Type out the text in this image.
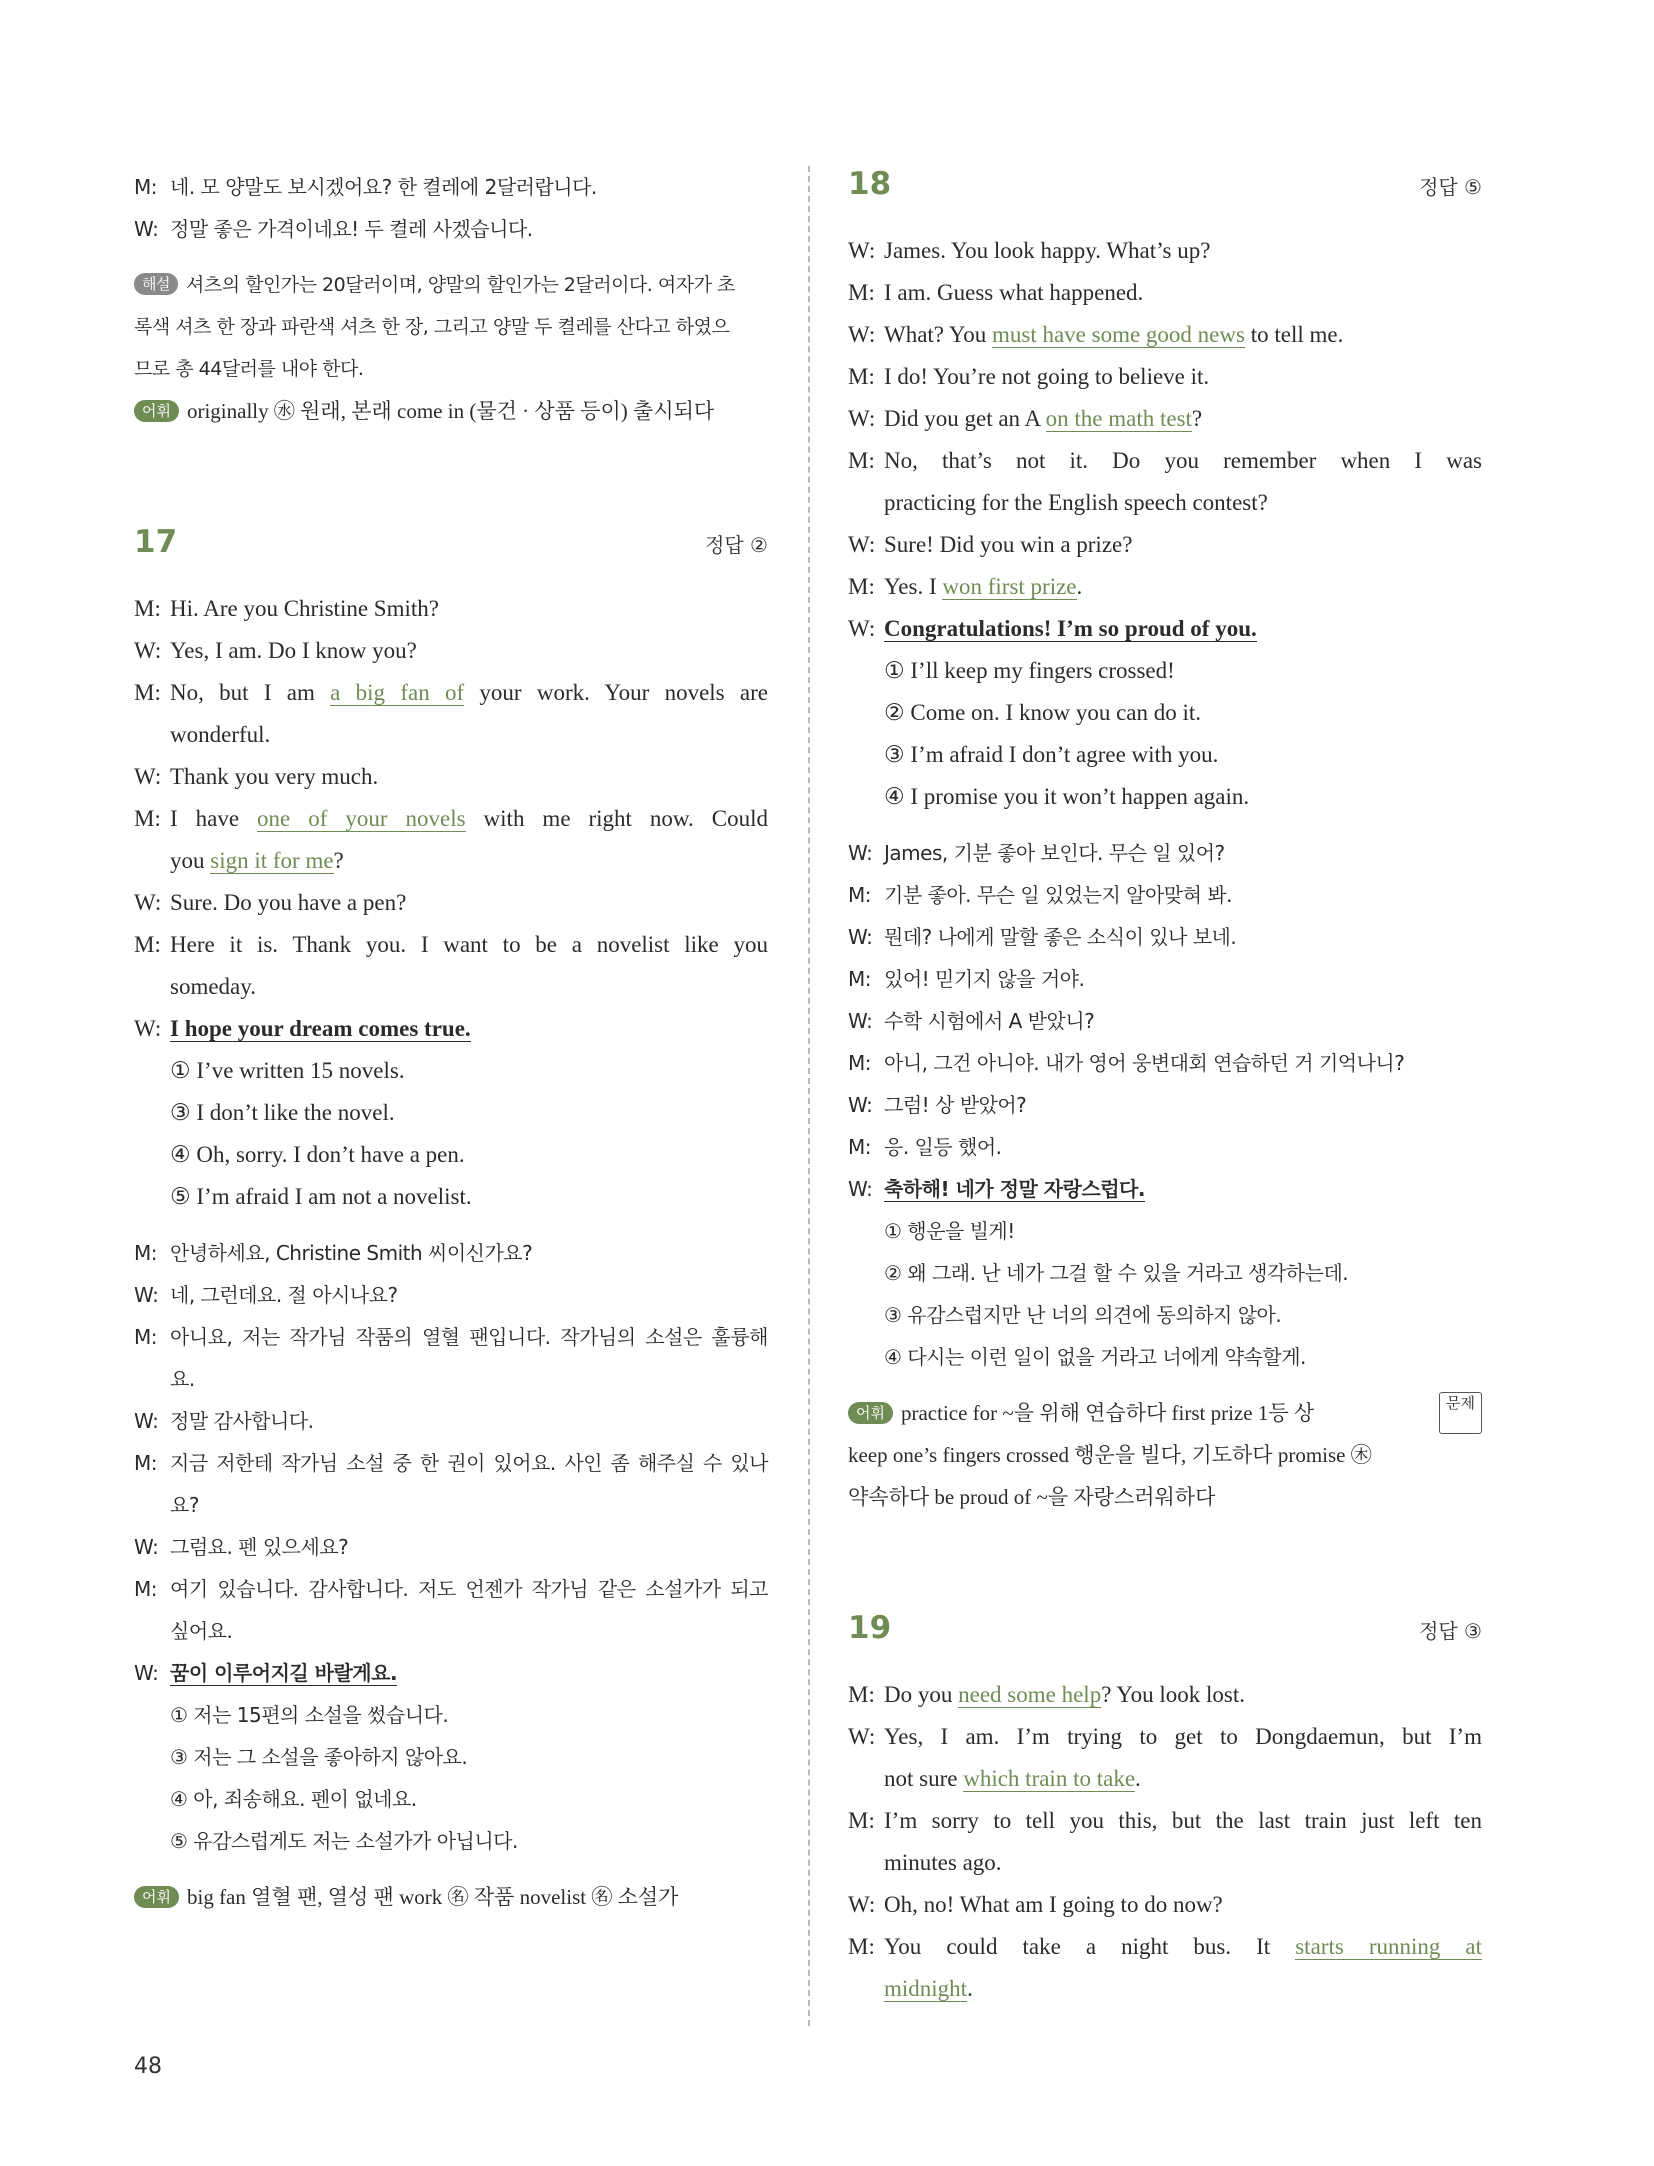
M: 네. 모 양말도 보시겠어요? 한 켤레에 2달러랍니다.
W: 정말 좋은 가격이네요! 두 켤레 사겠습니다.
해설 셔츠의 할인가는 20달러이며, 양말의 할인가는 2달러이다. 여자가 초
록색 셔츠 한 장과 파란색 셔츠 한 장, 그리고 양말 두 켤레를 산다고 하였으
므로 총 44달러를 내야 한다.
어휘 originally ㊌ 원래, 본래 come in (물건 · 상품 등이) 출시되다
17	정답 ②
M: Hi. Are you Christine Smith?
W: Yes, I am. Do I know you?
M: No, but I am a big fan of your work. Your novels are
wonderful.
W: Thank you very much.
M: I have one of your novels with me right now. Could
you sign it for me?
W: Sure. Do you have a pen?
M: Here it is. Thank you. I want to be a novelist like you
someday.
W: I hope your dream comes true.
① I’ve written 15 novels.
③ I don’t like the novel.
④ Oh, sorry. I don’t have a pen.
⑤ I’m afraid I am not a novelist.
M: 안녕하세요, Christine Smith 씨이신가요?
W: 네, 그런데요. 절 아시나요?
M: 아니요, 저는 작가님 작품의 열혈 팬입니다. 작가님의 소설은 훌륭해
요.
W: 정말 감사합니다.
M: 지금 저한테 작가님 소설 중 한 권이 있어요. 사인 좀 해주실 수 있나
요?
W: 그럼요. 펜 있으세요?
M: 여기 있습니다. 감사합니다. 저도 언젠가 작가님 같은 소설가가 되고
싶어요.
W: 꿈이 이루어지길 바랄게요.
① 저는 15편의 소설을 썼습니다.
③ 저는 그 소설을 좋아하지 않아요.
④ 아, 죄송해요. 펜이 없네요.
⑤ 유감스럽게도 저는 소설가가 아닙니다.
어휘 big fan 열혈 팬, 열성 팬 work ㊔ 작품 novelist ㊔ 소설가
18	정답 ⑤
W: James. You look happy. What’s up?
M: I am. Guess what happened.
W: What? You must have some good news to tell me.
M: I do! You’re not going to believe it.
W: Did you get an A on the math test?
M: No, that’s not it. Do you remember when I was
practicing for the English speech contest?
W: Sure! Did you win a prize?
M: Yes. I won first prize.
W: Congratulations! I’m so proud of you.
① I’ll keep my fingers crossed!
② Come on. I know you can do it.
③ I’m afraid I don’t agree with you.
④ I promise you it won’t happen again.
W: James, 기분 좋아 보인다. 무슨 일 있어?
M: 기분 좋아. 무슨 일 있었는지 알아맞혀 봐.
W: 뭔데? 나에게 말할 좋은 소식이 있나 보네.
M: 있어! 믿기지 않을 거야.
W: 수학 시험에서 A 받았니?
M: 아니, 그건 아니야. 내가 영어 웅변대회 연습하던 거 기억나니?
W: 그럼! 상 받았어?
M: 응. 일등 했어.
W: 축하해! 네가 정말 자랑스럽다.
① 행운을 빌게!
② 왜 그래. 난 네가 그걸 할 수 있을 거라고 생각하는데.
③ 유감스럽지만 난 너의 의견에 동의하지 않아.
④ 다시는 이런 일이 없을 거라고 너에게 약속할게.
어휘 practice for ~을 위해 연습하다 first prize 1등 상	문제
keep one’s fingers crossed 행운을 빌다, 기도하다 promise ㊍
약속하다 be proud of ~을 자랑스러워하다
19	정답 ③
M: Do you need some help? You look lost.
W: Yes, I am. I’m trying to get to Dongdaemun, but I’m
not sure which train to take.
M: I’m sorry to tell you this, but the last train just left ten
minutes ago.
W: Oh, no! What am I going to do now?
M: You could take a night bus. It starts running at
midnight.
48
